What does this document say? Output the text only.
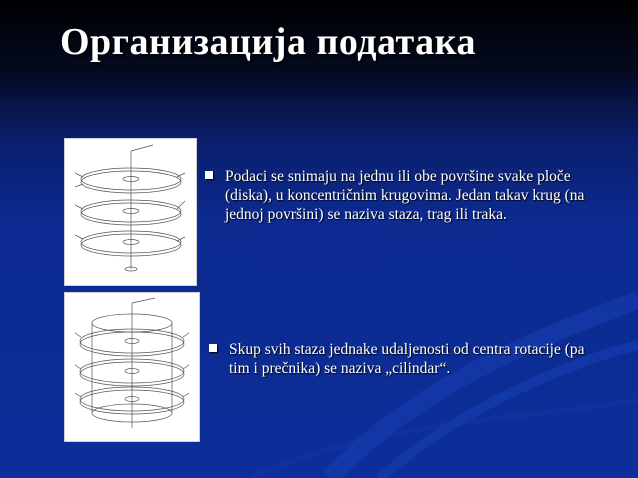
Организација података
Podaci se snimaju na jednu ili obe površine svake ploče (diska), u koncentričnim krugovima. Jedan takav krug (na jednoj površini) se naziva staza, trag ili traka.
Skup svih staza jednake udaljenosti od centra rotacije (pa tim i prečnika) se naziva „cilindar“.
